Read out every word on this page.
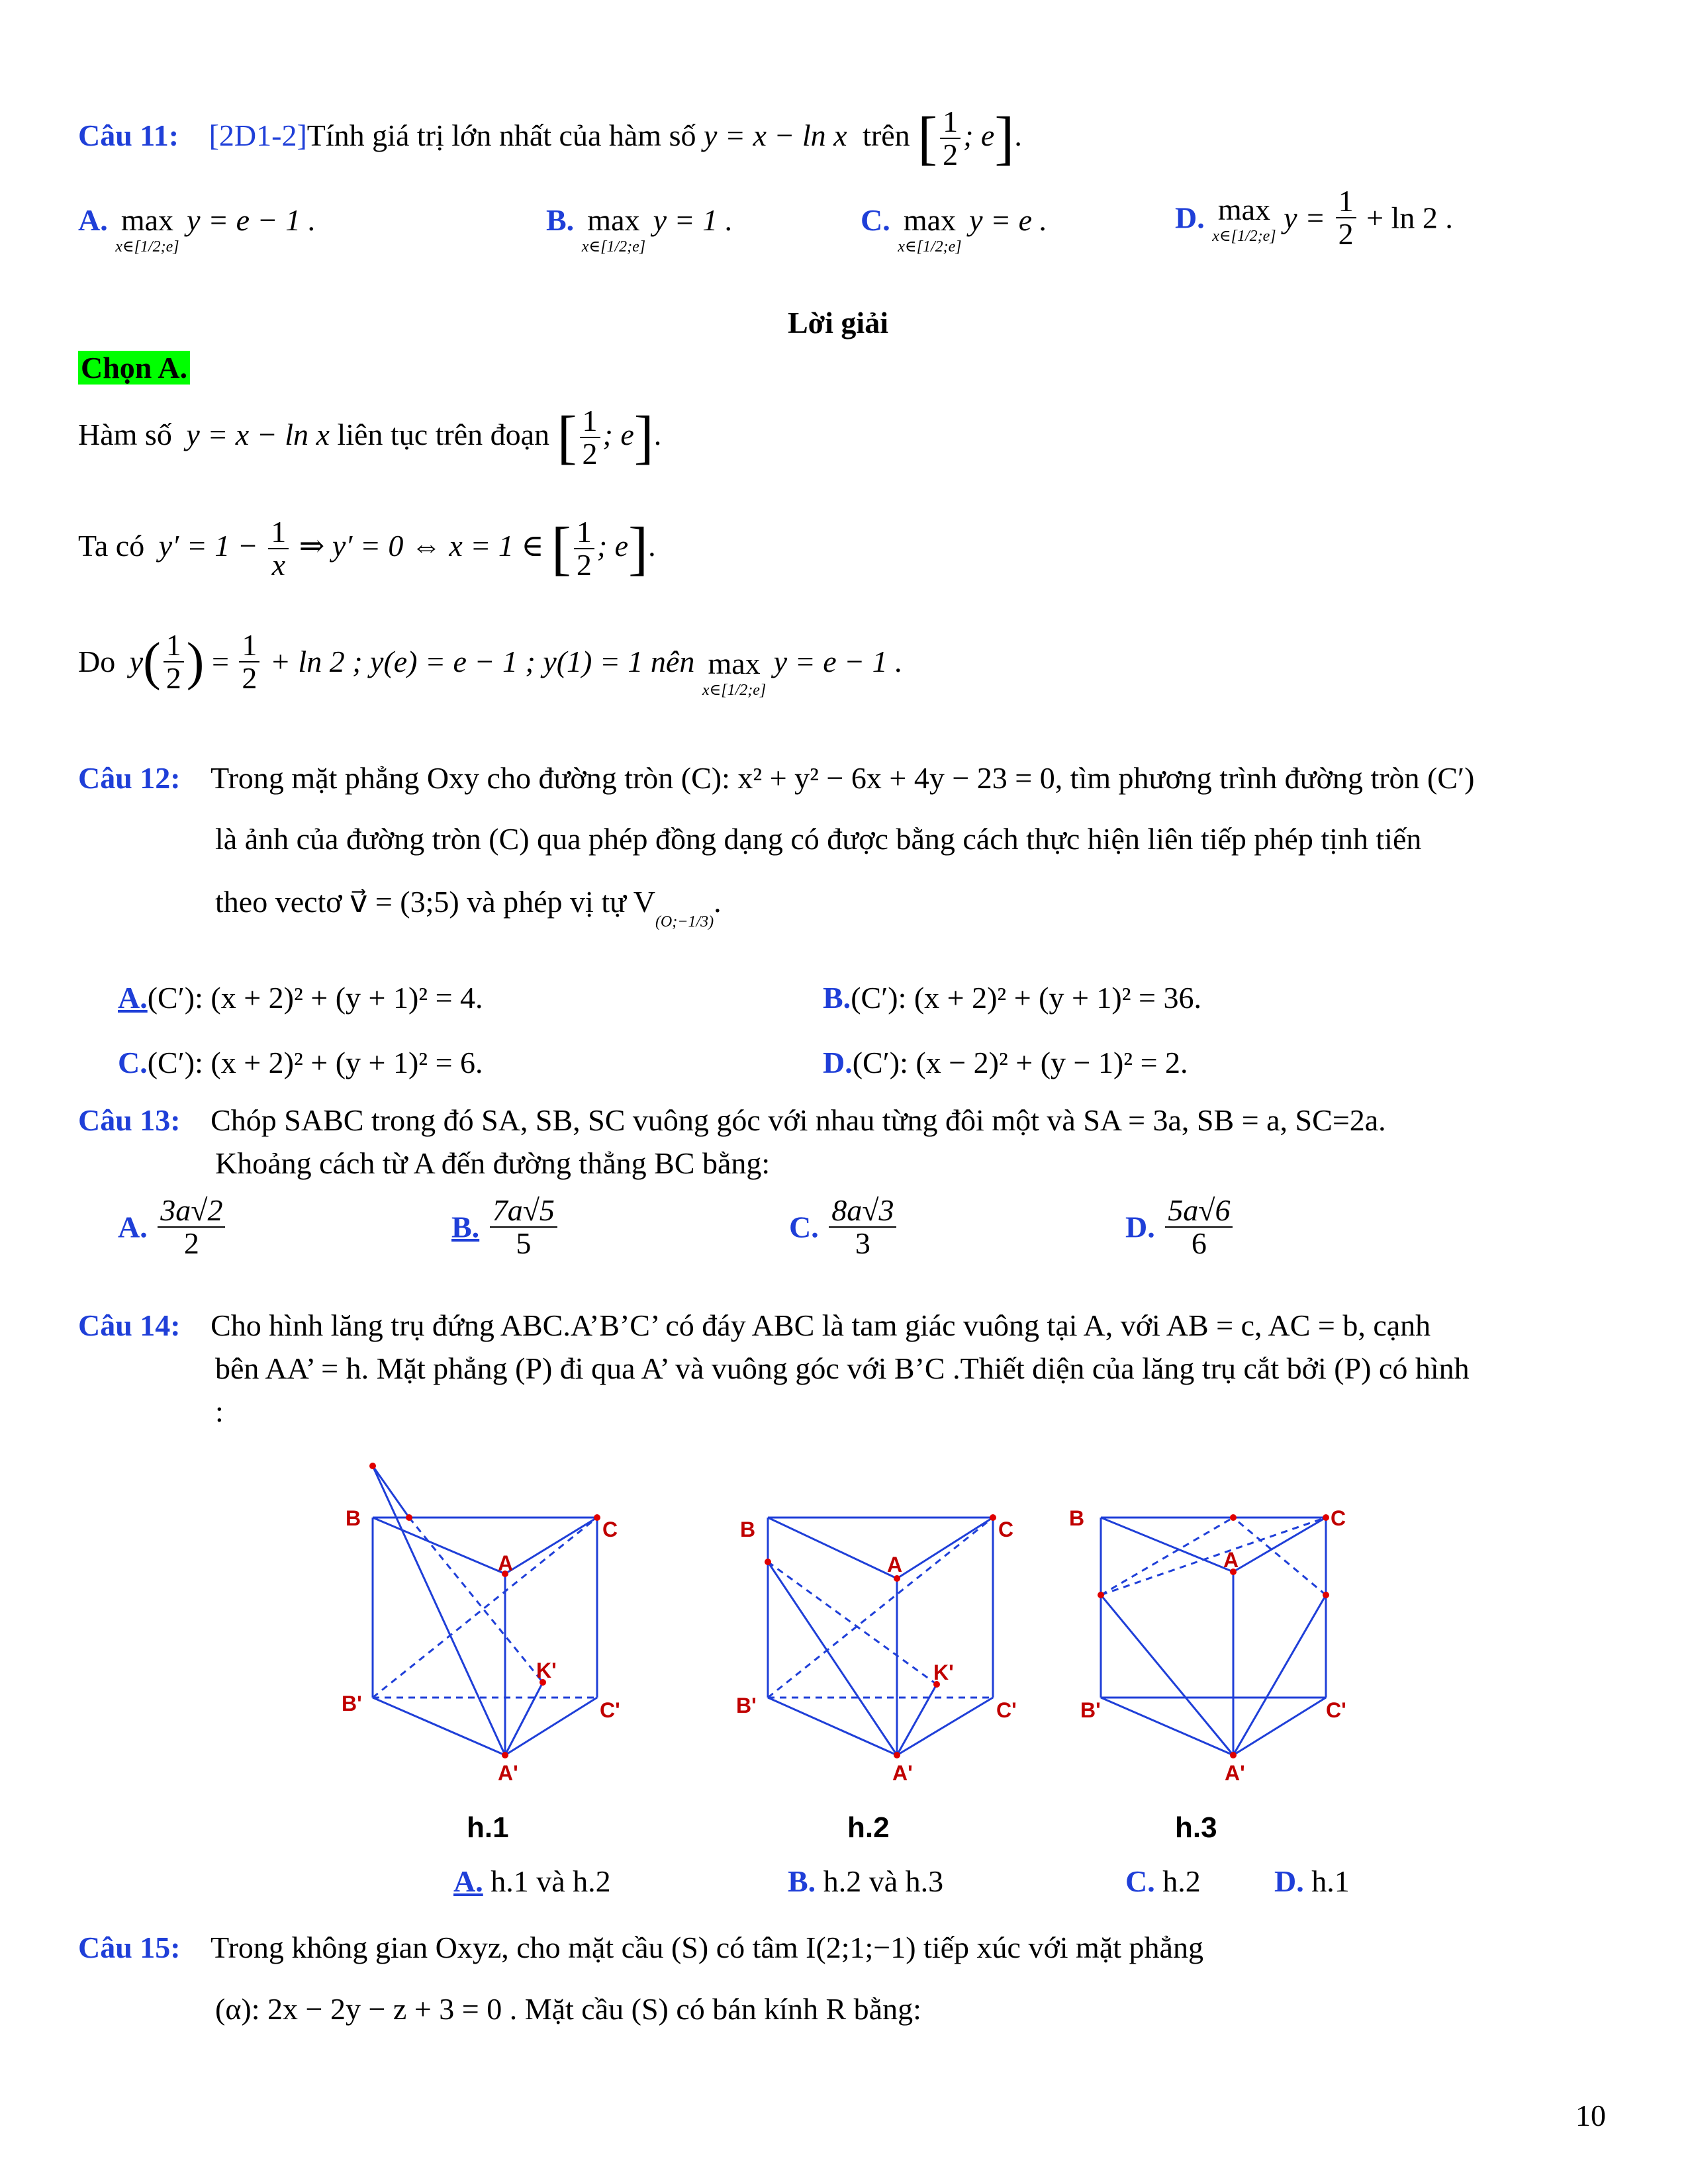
Câu 11: [2D1-2]Tính giá trị lớn nhất của hàm số y = x − ln x trên [ $\frac{1}{2}$ ; e].
A. max
x∈[1/2;e]
y = e − 1 .	B. max
x∈[1/2;e]
y = 1 .	C. max
x∈[1/2;e]
y = e .	D. max
x∈[1/2;e]
$y = \frac{1}{2} + \ln 2$ .
Lời giải
Chọn A.
Hàm số y = x − ln x liên tục trên đoạn [ $\frac{1}{2}$ ; e].
Ta có $y' = 1 - \frac{1}{x}$ ⇒ y′ = 0 ⇔ x = 1 ∈ [ $\frac{1}{2}$ ; e].
Do $y( \frac{1}{2}$ ) = $\frac{1}{2} + \ln 2$ ; y(e) = e − 1 ; y(1) = 1 nên max
x∈[1/2;e]
y = e − 1 .
Câu 12: Trong mặt phẳng Oxy cho đường tròn (C): x² + y² − 6x + 4y − 23 = 0, tìm phương trình đường tròn (C′)
là ảnh của đường tròn (C) qua phép đồng dạng có được bằng cách thực hiện liên tiếp phép tịnh tiến
theo vectơ v⃗ = (3;5) và phép vị tự $V_{(O;-1/3)}$.
A.(C′): (x + 2)² + (y + 1)² = 4.	B.(C′): (x + 2)² + (y + 1)² = 36.
C.(C′): (x + 2)² + (y + 1)² = 6.	D.(C′): (x − 2)² + (y − 1)² = 2.
Câu 13: Chóp SABC trong đó SA, SB, SC vuông góc với nhau từng đôi một và SA = 3a, SB = a, SC=2a.
Khoảng cách từ A đến đường thẳng BC bằng:
A. $\frac{3a√2}{2}$	B. $\frac{7a√5}{5}$	C. $\frac{8a√3}{3}$	D. $\frac{5a√6}{6}$
Câu 14: Cho hình lăng trụ đứng ABC.A’B’C’ có đáy ABC là tam giác vuông tại A, với AB = c, AC = b, cạnh
bên AA’ = h. Mặt phẳng (P) đi qua A’ và vuông góc với B’C .Thiết diện của lăng trụ cắt bởi (P) có hình
:
B	C
A
B'	C'
A'
K'
B	C
A
B'	C'
A'
K'
B	C
A
B'	C'
A'
h.1	h.2	h.3
A. h.1 và h.2	B. h.2 và h.3	C. h.2 D. h.1
Câu 15: Trong không gian Oxyz, cho mặt cầu (S) có tâm I(2;1;−1) tiếp xúc với mặt phẳng
(α): 2x − 2y − z + 3 = 0 . Mặt cầu (S) có bán kính R bằng:
10
